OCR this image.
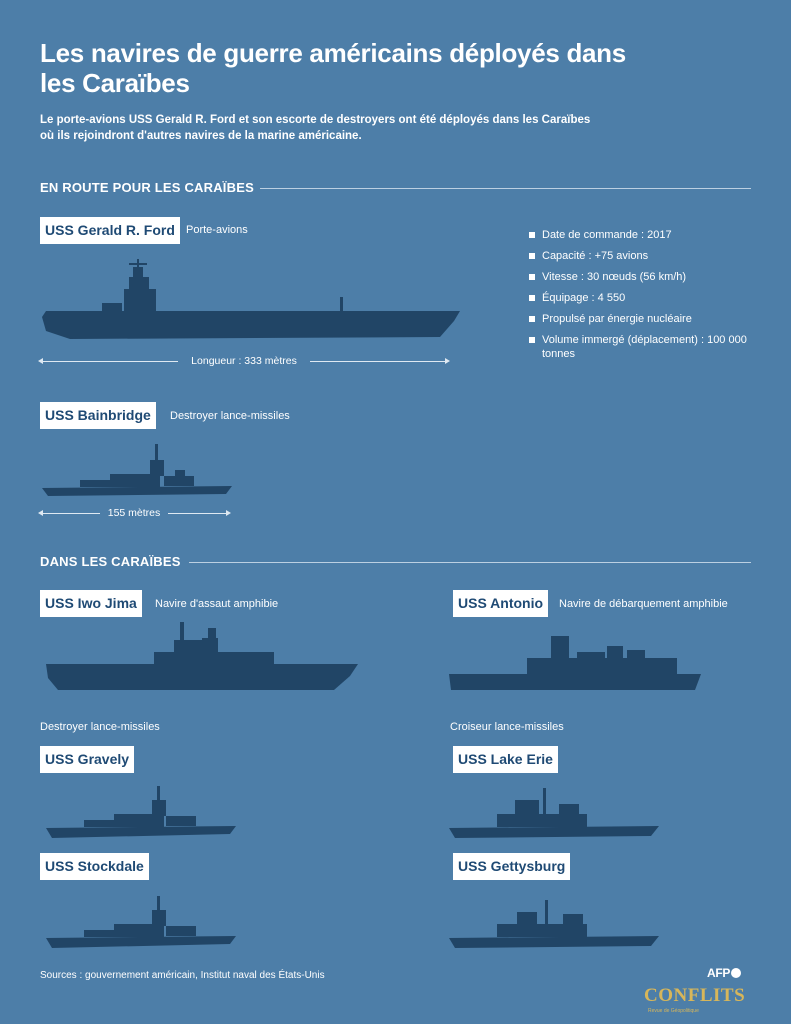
Les navires de guerre américains déployés dans les Caraïbes
Le porte-avions USS Gerald R. Ford et son escorte de destroyers ont été déployés dans les Caraïbes où ils rejoindront d'autres navires de la marine américaine.
EN ROUTE POUR LES CARAÏBES
USS Gerald R. Ford	Porte-avions
Longueur : 333 mètres
Date de commande : 2017
Capacité : +75 avions
Vitesse : 30 nœuds (56 km/h)
Équipage : 4 550
Propulsé par énergie nucléaire
Volume immergé (déplacement) : 100 000 tonnes
USS Bainbridge	Destroyer lance-missiles
155 mètres
DANS LES CARAÏBES
USS Iwo Jima	Navire d'assaut amphibie	USS Antonio	Navire de débarquement amphibie
Destroyer lance-missiles	Croiseur lance-missiles
USS Gravely	USS Lake Erie
USS Stockdale	USS Gettysburg
Sources : gouvernement américain, Institut naval des États-Unis	AFP
CONFLITS
Revue de Géopolitique
